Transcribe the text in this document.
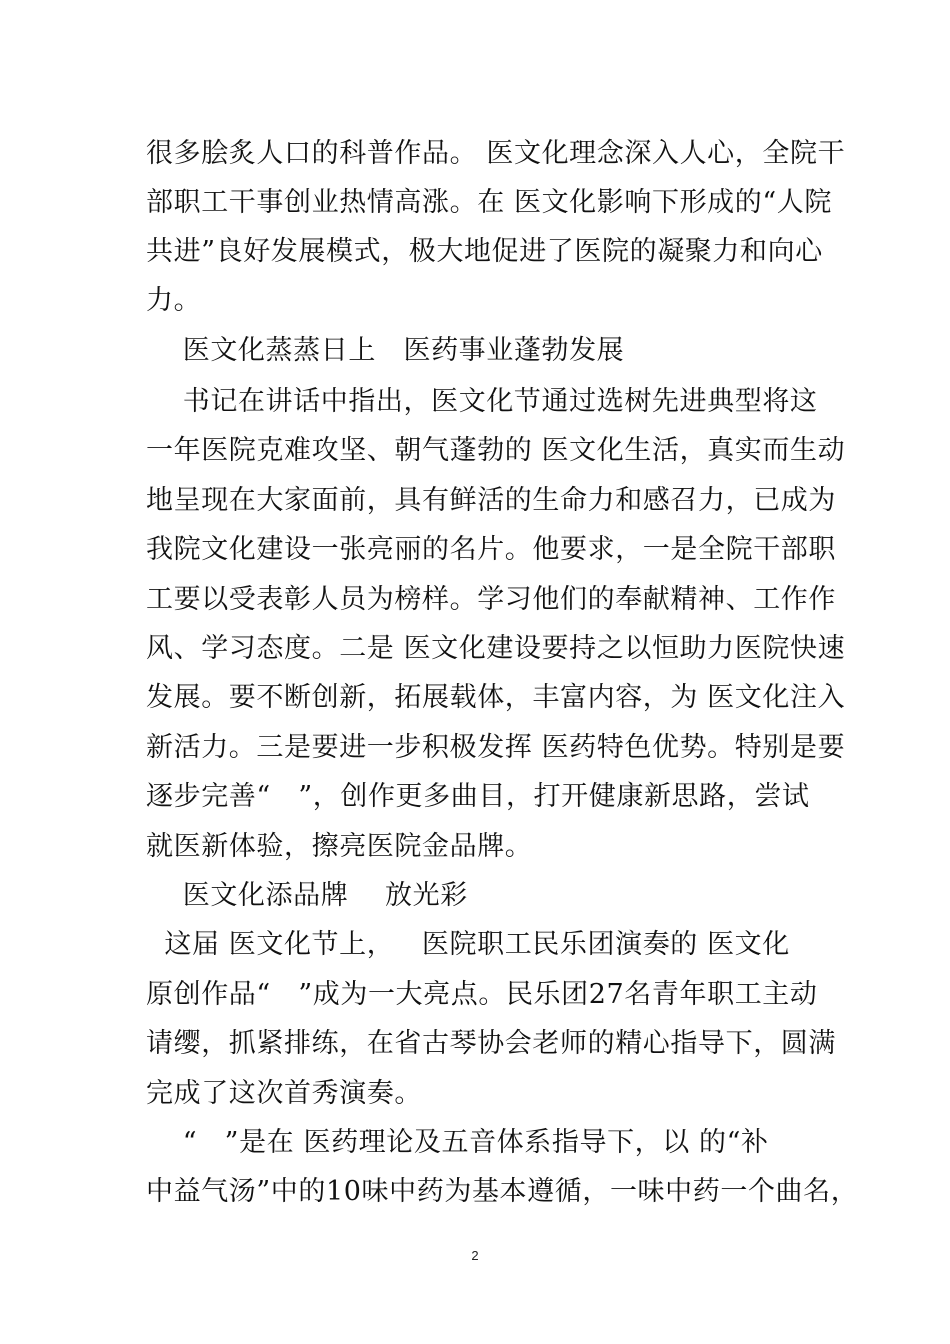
很多脍炙人口的科普作品。 医文化理念深入人心，全院干
部职工干事创业热情高涨。在 医文化影响下形成的“人院
共进”良好发展模式，极大地促进了医院的凝聚力和向心
力。
医文化蒸蒸日上   医药事业蓬勃发展
书记在讲话中指出，医文化节通过选树先进典型将这
一年医院克难攻坚、朝气蓬勃的 医文化生活，真实而生动
地呈现在大家面前，具有鲜活的生命力和感召力，已成为
我院文化建设一张亮丽的名片。他要求，一是全院干部职
工要以受表彰人员为榜样。学习他们的奉献精神、工作作
风、学习态度。二是 医文化建设要持之以恒助力医院快速
发展。要不断创新，拓展载体，丰富内容，为 医文化注入
新活力。三是要进一步积极发挥 医药特色优势。特别是要
逐步完善“   ”，创作更多曲目，打开健康新思路，尝试
就医新体验，擦亮医院金品牌。
医文化添品牌    放光彩
这届 医文化节上，   医院职工民乐团演奏的 医文化
原创作品“   ”成为一大亮点。民乐团27名青年职工主动
请缨，抓紧排练，在省古琴协会老师的精心指导下，圆满
完成了这次首秀演奏。
“   ”是在 医药理论及五音体系指导下，以 的“补
中益气汤”中的10味中药为基本遵循，一味中药一个曲名，
2
